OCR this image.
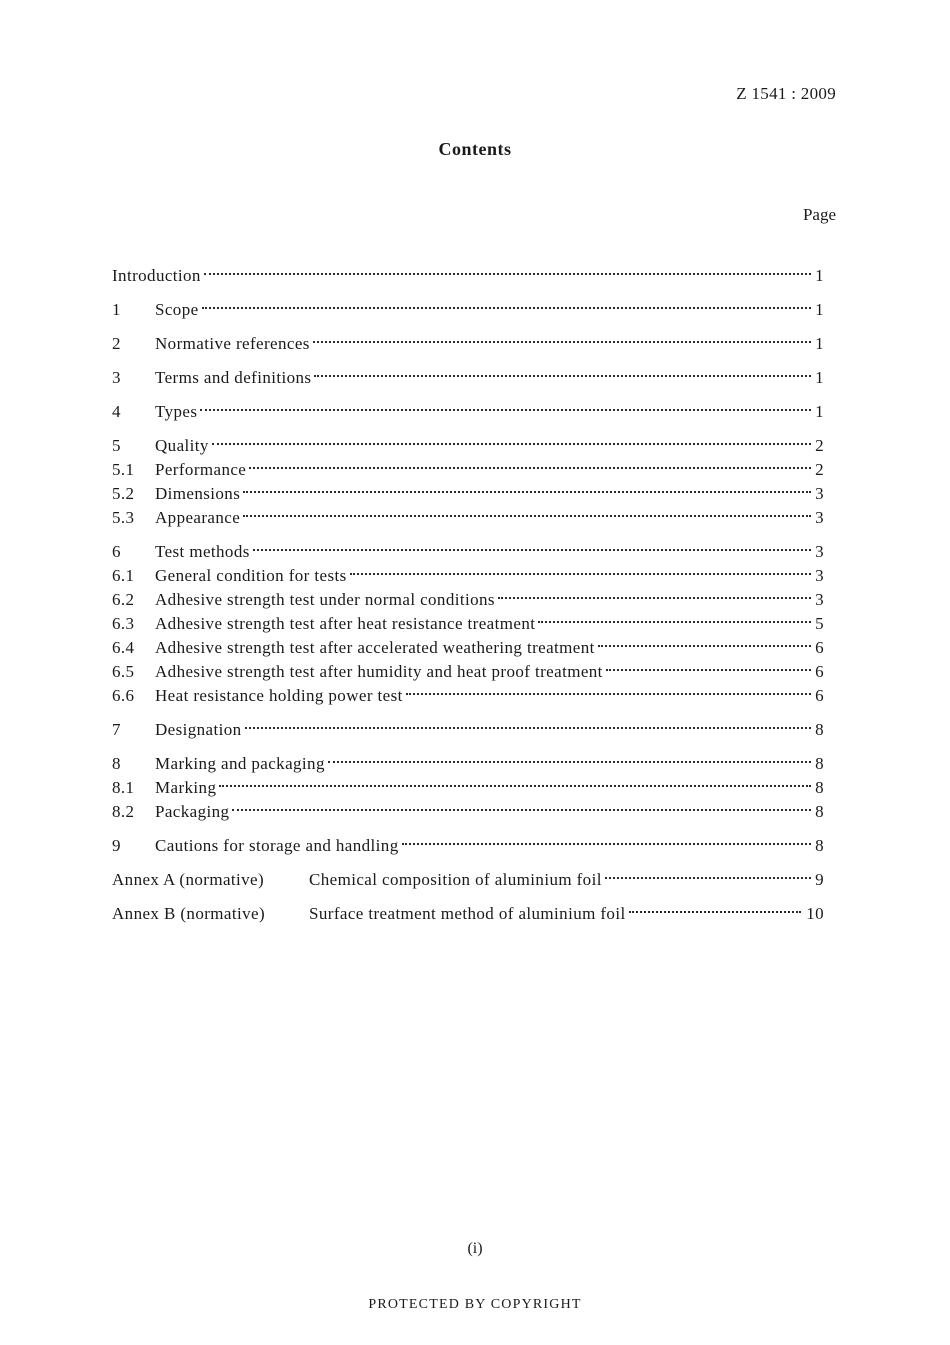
Z 1541 : 2009
Contents
Page
Introduction	1
1	Scope	1
2	Normative references	1
3	Terms and definitions	1
4	Types	1
5	Quality	2
5.1	Performance	2
5.2	Dimensions	3
5.3	Appearance	3
6	Test methods	3
6.1	General condition for tests	3
6.2	Adhesive strength test under normal conditions	3
6.3	Adhesive strength test after heat resistance treatment	5
6.4	Adhesive strength test after accelerated weathering treatment	6
6.5	Adhesive strength test after humidity and heat proof treatment	6
6.6	Heat resistance holding power test	6
7	Designation	8
8	Marking and packaging	8
8.1	Marking	8
8.2	Packaging	8
9	Cautions for storage and handling	8
Annex A (normative)	Chemical composition of aluminium foil	9
Annex B (normative)	Surface treatment method of aluminium foil	10
(i)
PROTECTED BY COPYRIGHT
